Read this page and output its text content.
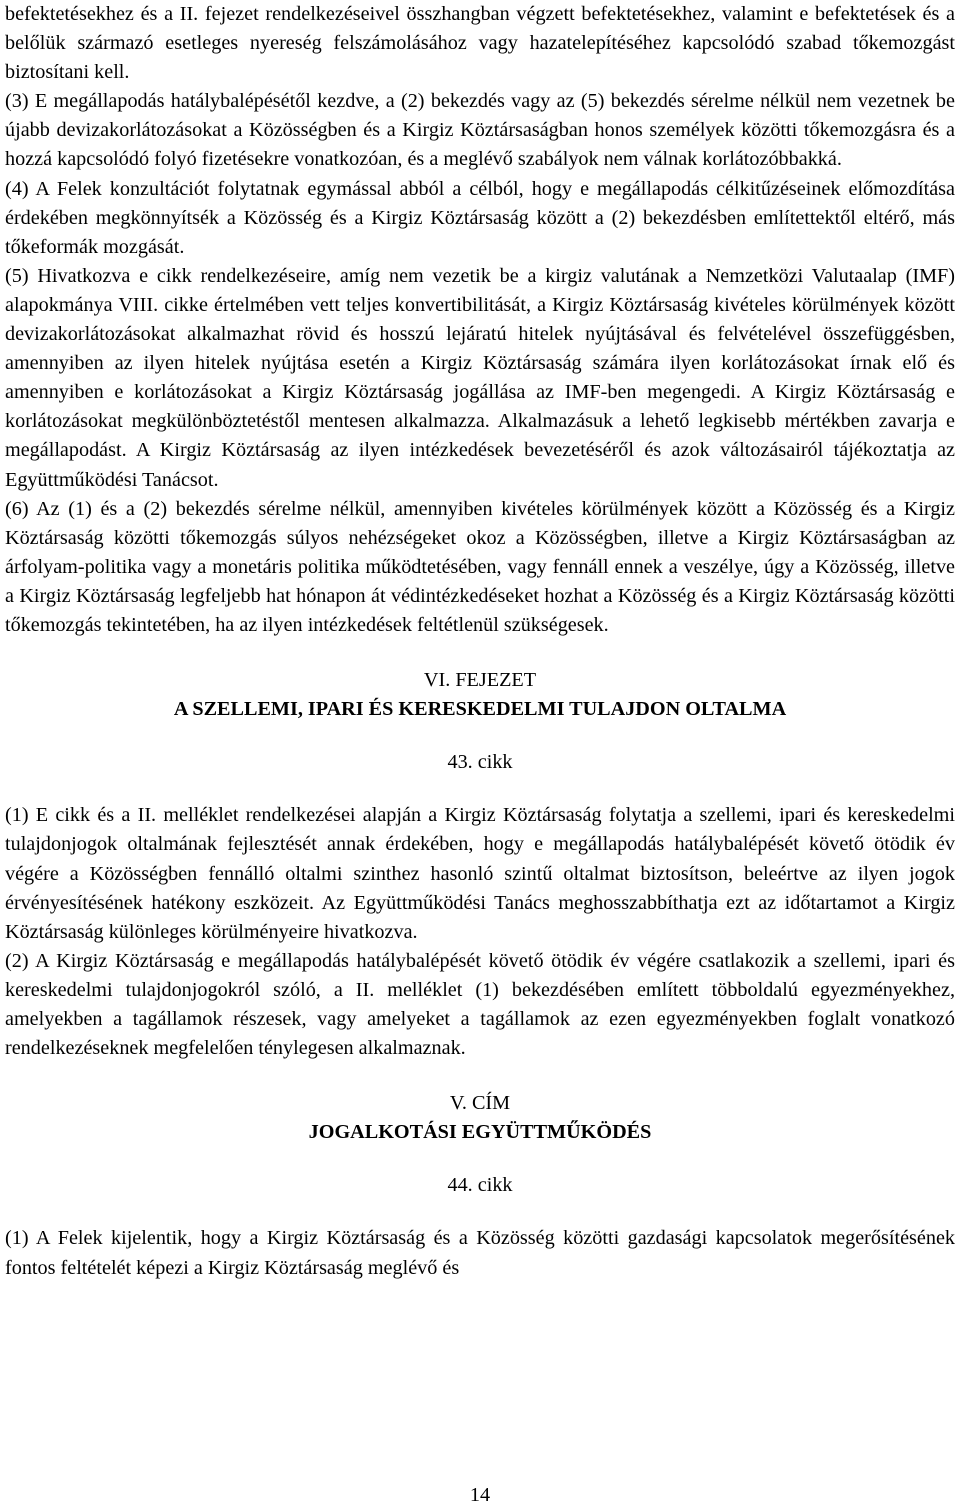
befektetésekhez és a II. fejezet rendelkezéseivel összhangban végzett befektetésekhez, valamint e befektetések és a belőlük származó esetleges nyereség felszámolásához vagy hazatelepítéséhez kapcsolódó szabad tőkemozgást biztosítani kell.

(3) E megállapodás hatálybalépésétől kezdve, a (2) bekezdés vagy az (5) bekezdés sérelme nélkül nem vezetnek be újabb devizakorlátozásokat a Közösségben és a Kirgiz Köztársaságban honos személyek közötti tőkemozgásra és a hozzá kapcsolódó folyó fizetésekre vonatkozóan, és a meglévő szabályok nem válnak korlátozóbbakká.

(4) A Felek konzultációt folytatnak egymással abból a célból, hogy e megállapodás célkitűzéseinek előmozdítása érdekében megkönnyítsék a Közösség és a Kirgiz Köztársaság között a (2) bekezdésben említettektől eltérő, más tőkeformák mozgását.

(5) Hivatkozva e cikk rendelkezéseire, amíg nem vezetik be a kirgiz valutának a Nemzetközi Valutaalap (IMF) alapokmánya VIII. cikke értelmében vett teljes konvertibilitását, a Kirgiz Köztársaság kivételes körülmények között devizakorlátozásokat alkalmazhat rövid és hosszú lejáratú hitelek nyújtásával és felvételével összefüggésben, amennyiben az ilyen hitelek nyújtása esetén a Kirgiz Köztársaság számára ilyen korlátozásokat írnak elő és amennyiben e korlátozásokat a Kirgiz Köztársaság jogállása az IMF-ben megengedi. A Kirgiz Köztársaság e korlátozásokat megkülönböztetéstől mentesen alkalmazza. Alkalmazásuk a lehető legkisebb mértékben zavarja e megállapodást. A Kirgiz Köztársaság az ilyen intézkedések bevezetéséről és azok változásairól tájékoztatja az Együttműködési Tanácsot.

(6) Az (1) és a (2) bekezdés sérelme nélkül, amennyiben kivételes körülmények között a Közösség és a Kirgiz Köztársaság közötti tőkemozgás súlyos nehézségeket okoz a Közösségben, illetve a Kirgiz Köztársaságban az árfolyam-politika vagy a monetáris politika működtetésében, vagy fennáll ennek a veszélye, úgy a Közösség, illetve a Kirgiz Köztársaság legfeljebb hat hónapon át védintézkedéseket hozhat a Közösség és a Kirgiz Köztársaság közötti tőkemozgás tekintetében, ha az ilyen intézkedések feltétlenül szükségesek.

VI. FEJEZET

A SZELLEMI, IPARI ÉS KERESKEDELMI TULAJDON OLTALMA

43. cikk

(1) E cikk és a II. melléklet rendelkezései alapján a Kirgiz Köztársaság folytatja a szellemi, ipari és kereskedelmi tulajdonjogok oltalmának fejlesztését annak érdekében, hogy e megállapodás hatálybalépését követő ötödik év végére a Közösségben fennálló oltalmi szinthez hasonló szintű oltalmat biztosítson, beleértve az ilyen jogok érvényesítésének hatékony eszközeit. Az Együttműködési Tanács meghosszabbíthatja ezt az időtartamot a Kirgiz Köztársaság különleges körülményeire hivatkozva.

(2) A Kirgiz Köztársaság e megállapodás hatálybalépését követő ötödik év végére csatlakozik a szellemi, ipari és kereskedelmi tulajdonjogokról szóló, a II. melléklet (1) bekezdésében említett többoldalú egyezményekhez, amelyekben a tagállamok részesek, vagy amelyeket a tagállamok az ezen egyezményekben foglalt vonatkozó rendelkezéseknek megfelelően ténylegesen alkalmaznak.

V. CÍM

JOGALKOTÁSI EGYÜTTMŰKÖDÉS

44. cikk

(1) A Felek kijelentik, hogy a Kirgiz Köztársaság és a Közösség közötti gazdasági kapcsolatok megerősítésének fontos feltételét képezi a Kirgiz Köztársaság meglévő és

14
